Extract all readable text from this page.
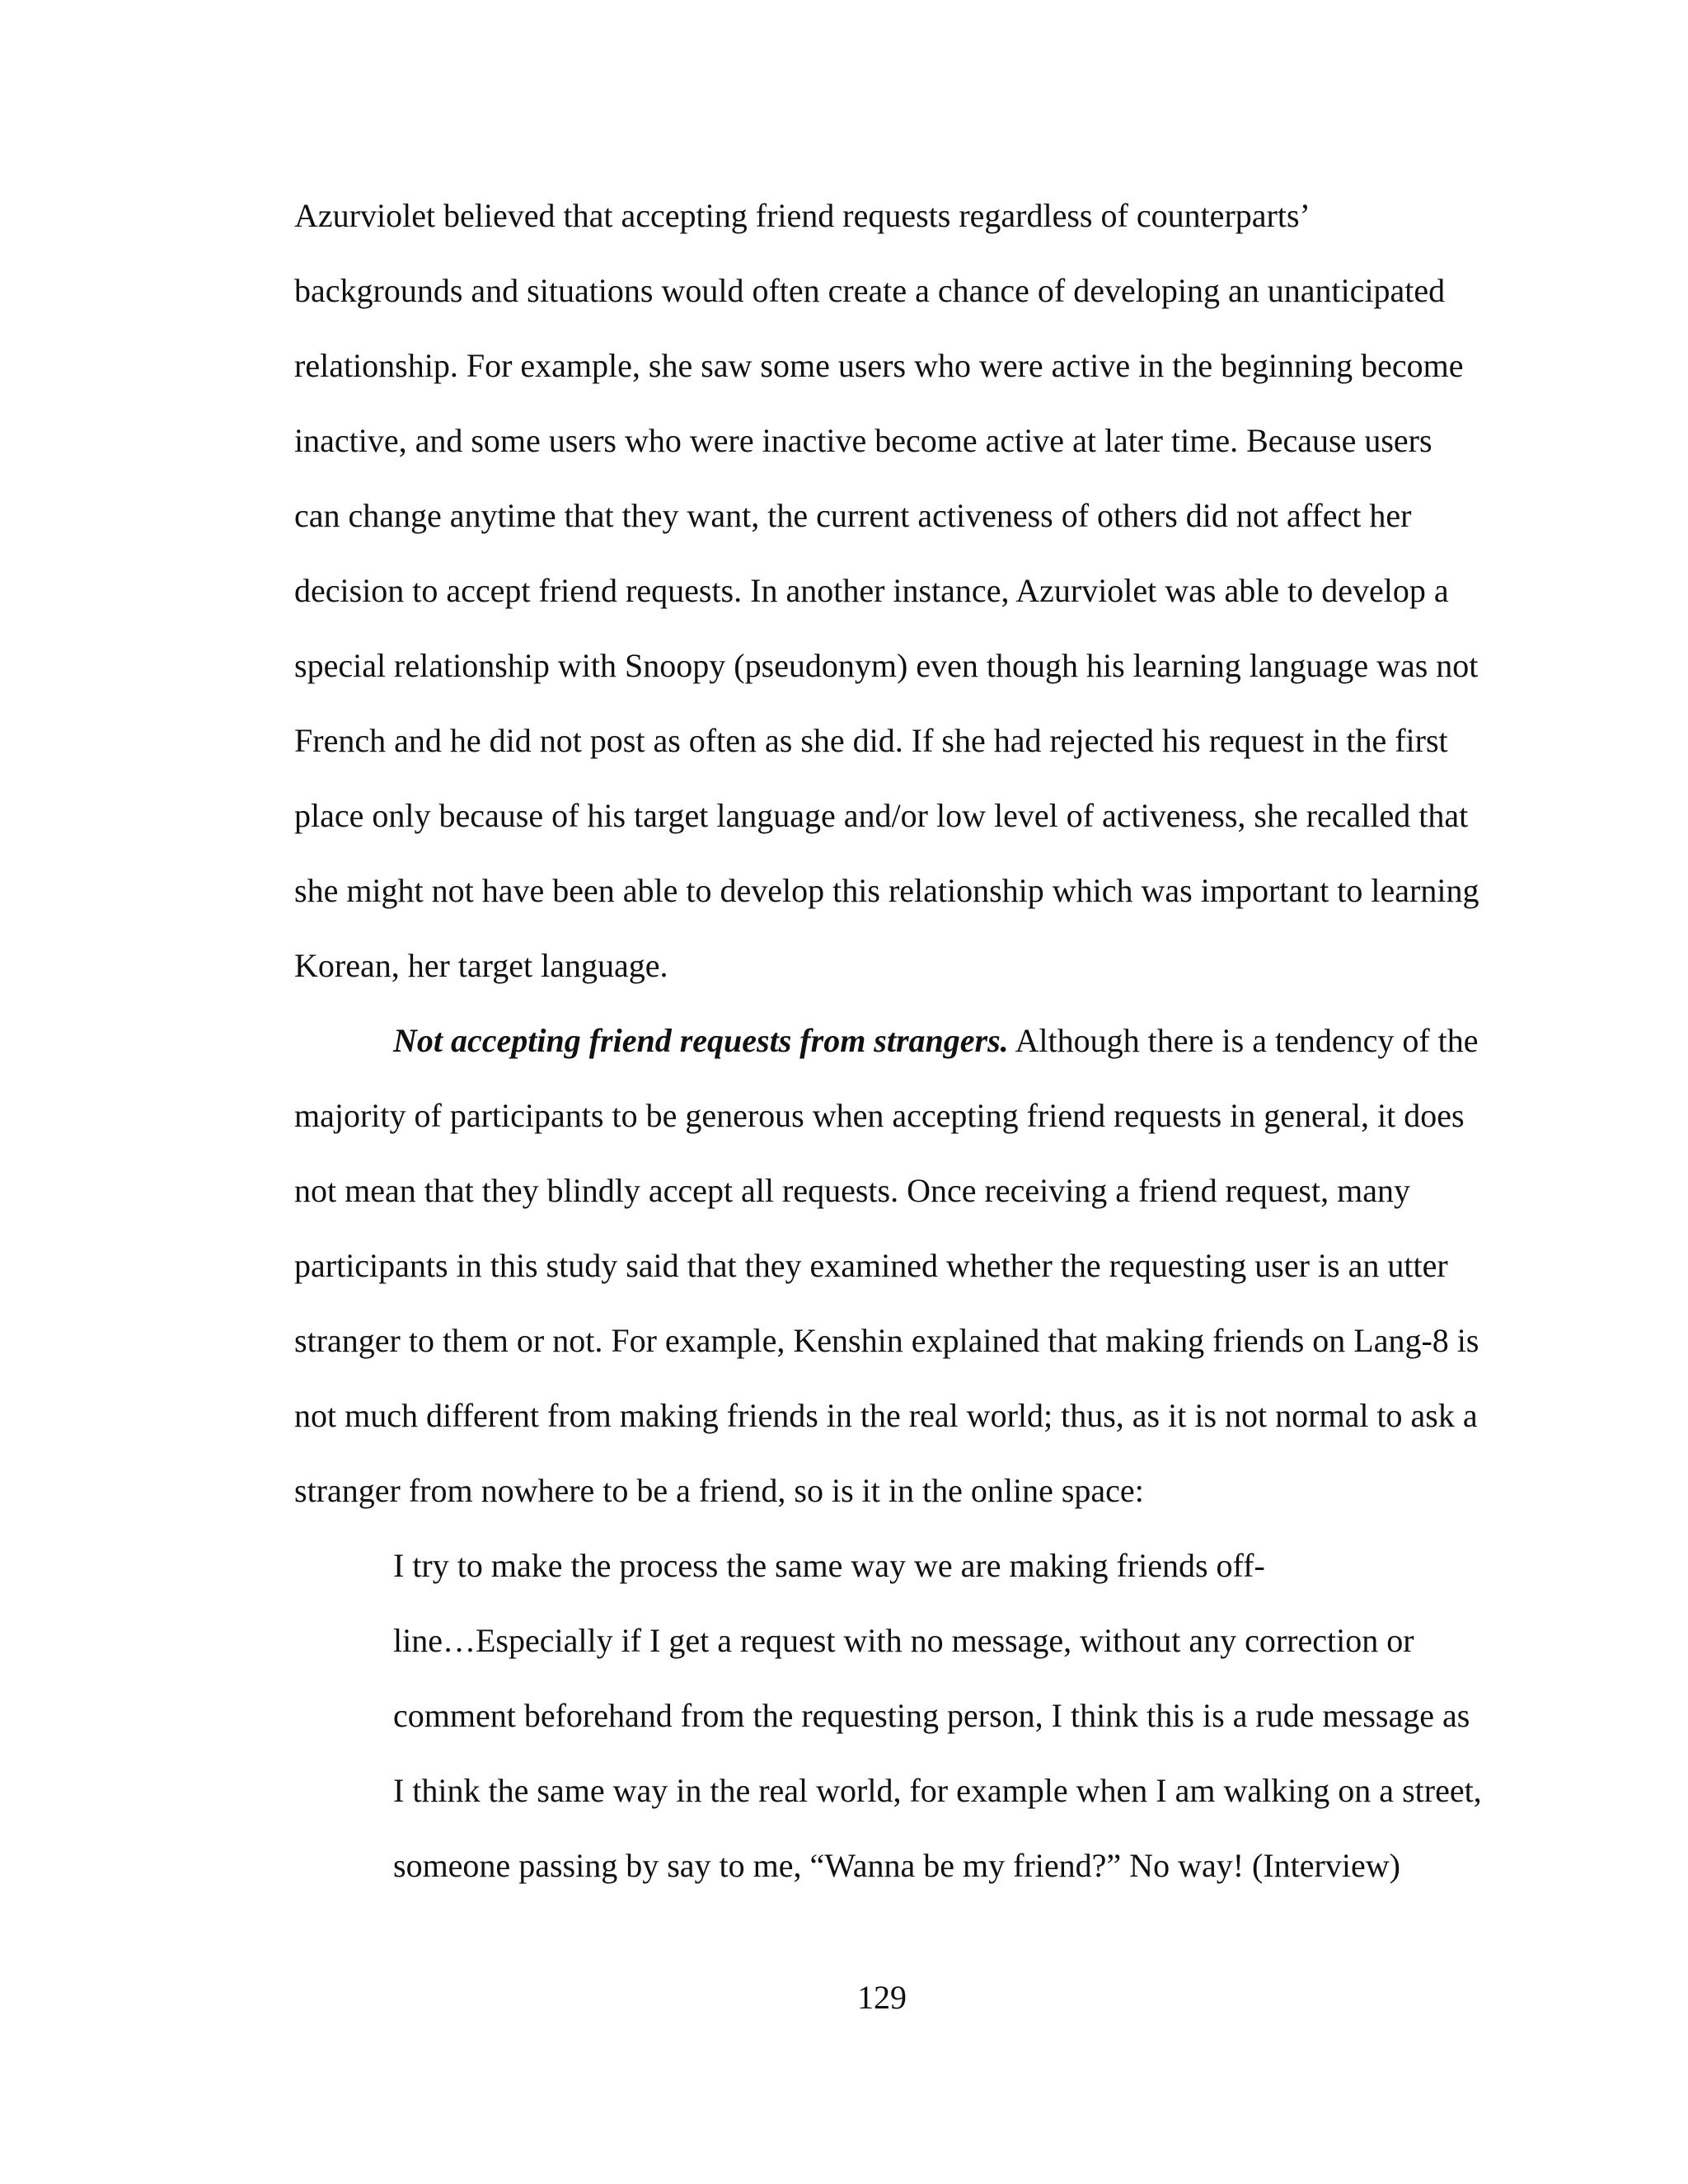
Azurviolet believed that accepting friend requests regardless of counterparts’
backgrounds and situations would often create a chance of developing an unanticipated
relationship. For example, she saw some users who were active in the beginning become
inactive, and some users who were inactive become active at later time. Because users
can change anytime that they want, the current activeness of others did not affect her
decision to accept friend requests. In another instance, Azurviolet was able to develop a
special relationship with Snoopy (pseudonym) even though his learning language was not
French and he did not post as often as she did. If she had rejected his request in the first
place only because of his target language and/or low level of activeness, she recalled that
she might not have been able to develop this relationship which was important to learning
Korean, her target language.
Not accepting friend requests from strangers. Although there is a tendency of the
majority of participants to be generous when accepting friend requests in general, it does
not mean that they blindly accept all requests. Once receiving a friend request, many
participants in this study said that they examined whether the requesting user is an utter
stranger to them or not. For example, Kenshin explained that making friends on Lang-8 is
not much different from making friends in the real world; thus, as it is not normal to ask a
stranger from nowhere to be a friend, so is it in the online space:
I try to make the process the same way we are making friends off-
line…Especially if I get a request with no message, without any correction or
comment beforehand from the requesting person, I think this is a rude message as
I think the same way in the real world, for example when I am walking on a street,
someone passing by say to me, “Wanna be my friend?” No way! (Interview)
129
